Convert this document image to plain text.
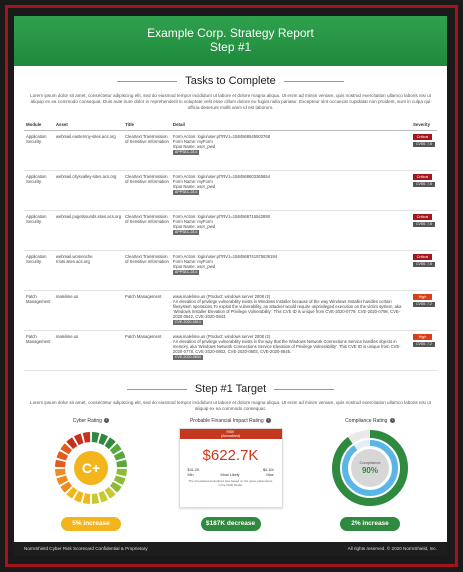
Example Corp. Strategy Report
Step #1
Tasks to Complete
Lorem ipsum dolor sit amet, consectetur adipiscing elit, sed do eiusmod tempor incididunt ut labore et dolore magna aliqua. Ut enim ad minim veniam, quis nostrud exercitation ullamco laboris nisi ut aliquip ex ea commodo consequat. Duis aute irure dolor in reprehenderit in voluptate velit esse cillum dolore eu fugiat nulla pariatur. Excepteur sint occaecat cupidatat non proident, sunt in culpa qui officia deserunt mollit anim id est laborum.
Module	Asset	Title	Detail	Severity
Application Security	webmail.easternny-sites.acs.org	Cleartext Transmission of Sensitive Information	Form Action: login/user.pl?RV1=1584568545502768
Form Name: myForm
Input Name: user_pwd
APPSEC-014	Critical
CVSS: 7.8

Application Security	webmail.citysvalley-sites.acs.org	Cleartext Transmission of Sensitive Information	Form Action: login/user.pl?RV1=1584568603365854
Form Name: myForm
Input Name: user_pwd
APPSEC-014	Critical
CVSS: 7.8

Application Security	webmail.pugetsounds.sites.acs.org	Cleartext Transmission of Sensitive Information	Form Action: login/user.pl?RV1=1584568715542890
Form Name: myForm
Input Name: user_pwd
APPSEC-014	Critical
CVSS: 7.8

Application Security	webmail.womenche rriots.sites.acs.org	Cleartext Transmission of Sensitive Information	Form Action: login/user.pl?RV1=1584568741975636194
Form Name: myForm
Input Name: user_pwd
APPSEC-014	Critical
CVSS: 7.8

Patch Management	malelime.us	Patch Management	www.malelime.us (Product: windows server 2008 r2)
An elevation of privilege vulnerability exists in Windows Installer because of the way Windows Installer handles certain filesystem operations.To exploit the vulnerability, an attacker would require unprivileged execution on the victim system, aka 'Windows Installer Elevation of Privilege Vulnerability'. This CVE ID is unique from CVE-2020-0779, CVE-2020-0798, CVE-2020-0842, CVE-2020-0843.
CVE-2020-0814	High
CVSS: 7.2

Patch Management	malelime.us	Patch Management	www.malelime.us (Product: windows server 2008 r2)
An elevation of privilege vulnerability exists in the way that the Windows Network Connections Service handles objects in memory, aka 'Windows Network Connections Service Elevation of Privilege Vulnerability'. This CVE ID is unique from CVE-2020-0778, CVE-2020-0802, CVE-2020-0803, CVE-2020-0845.
CVE-2020-0804	High
CVSS: 7.2
Step #1 Target
Lorem ipsum dolor sit amet, consectetur adipiscing elit, sed do eiusmod tempor incididunt ut labore et dolore magna aliqua. Ut enim ad minim veniam, quis nostrud exercitation ullamco laboris nisi ut aliquip ex ea commodo consequat.
Cyber Rating i
C+
5% increase
Probable Financial Impact Rating i
RISK
(Annualized)
$622.7K
$41.2K	$4.1M
Min	Most Likely	Max
The forecasted annualized loss based on the given parameters in the FAIR Model.
$187K decrease
Compliance Rating i
Compliance
90%
2% increase
NormShield Cyber Risk Scorecard Confidential & Proprietary	All rights reserved. © 2020 NormShield, Inc.
